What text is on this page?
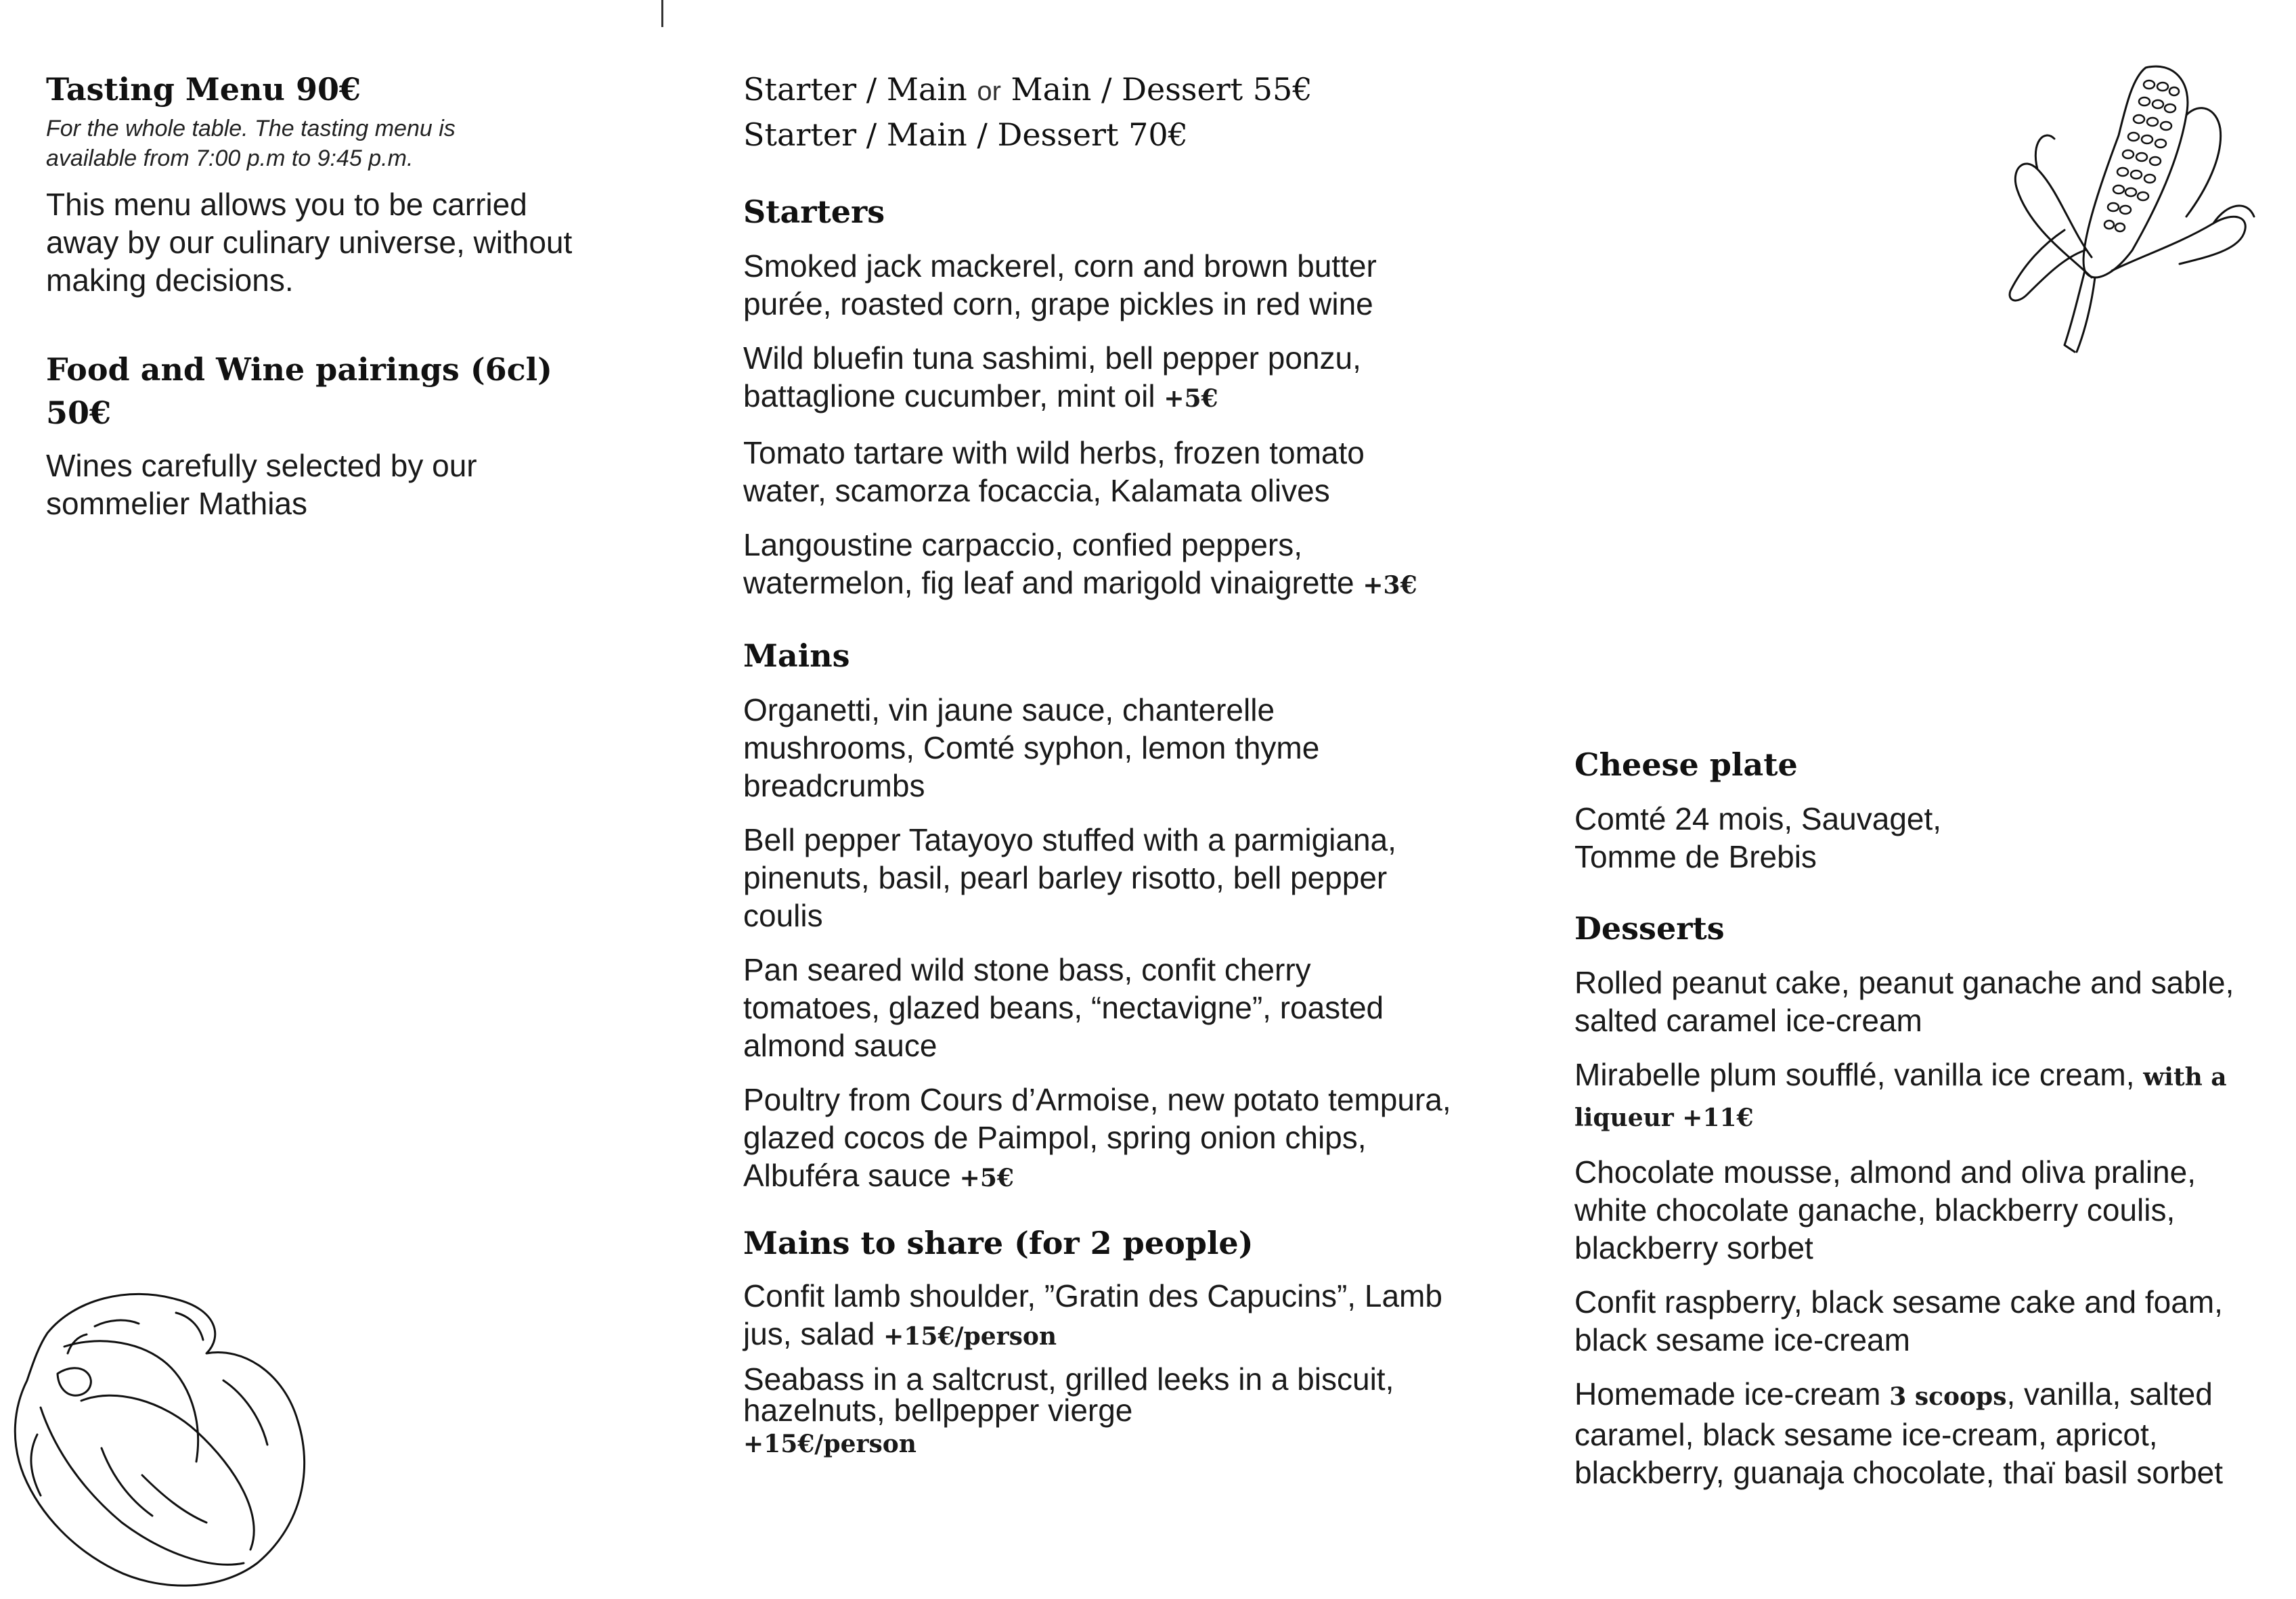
Tasting Menu 90€

For the whole table. The tasting menu is available from 7:00 p.m to 9:45 p.m.

This menu allows you to be carried away by our culinary universe, without making decisions.

Food and Wine pairings (6cl) 50€

Wines carefully selected by our sommelier Mathias

Starter / Main or Main / Dessert 55€

Starter / Main / Dessert 70€

Starters

Smoked jack mackerel, corn and brown butter purée, roasted corn, grape pickles in red wine

Wild bluefin tuna sashimi, bell pepper ponzu, battaglione cucumber, mint oil +5€

Tomato tartare with wild herbs, frozen tomato water, scamorza focaccia, Kalamata olives

Langoustine carpaccio, confied peppers, watermelon, fig leaf and marigold vinaigrette +3€

Mains

Organetti, vin jaune sauce, chanterelle mushrooms, Comté syphon, lemon thyme breadcrumbs

Bell pepper Tatayoyo stuffed with a parmigiana, pinenuts, basil, pearl barley risotto, bell pepper coulis

Pan seared wild stone bass, confit cherry tomatoes, glazed beans, “nectavigne”, roasted almond sauce

Poultry from Cours d’Armoise, new potato tempura, glazed cocos de Paimpol, spring onion chips, Albuféra sauce +5€

Mains to share (for 2 people)

Confit lamb shoulder, ”Gratin des Capucins”, Lamb jus, salad +15€/person

Seabass in a saltcrust, grilled leeks in a biscuit, hazelnuts, bellpepper vierge
+15€/person

Cheese plate

Comté 24 mois, Sauvaget, Tomme de Brebis

Desserts

Rolled peanut cake, peanut ganache and sable, salted caramel ice-cream

Mirabelle plum soufflé, vanilla ice cream, with a liqueur +11€

Chocolate mousse, almond and oliva praline, white chocolate ganache, blackberry coulis, blackberry sorbet

Confit raspberry, black sesame cake and foam, black sesame ice-cream

Homemade ice-cream 3 scoops, vanilla, salted caramel, black sesame ice-cream, apricot, blackberry, guanaja chocolate, thaï basil sorbet
